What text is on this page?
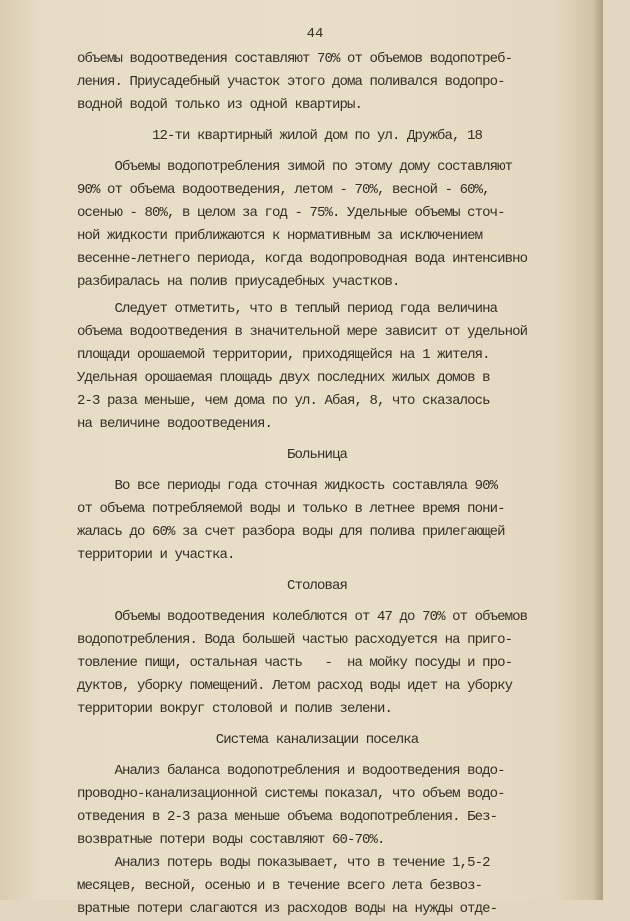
44
объемы водоотведения составляют 70% от объемов водопотреб-
ления. Приусадебный участок этого дома поливался водопро-
водной водой только из одной квартиры.
12-ти квартирный жилой дом по ул. Дружба, 18
Объемы водопотребления зимой по этому дому составляют
90% от объема водоотведения, летом - 70%, весной - 60%,
осенью - 80%, в целом за год - 75%. Удельные объемы сточ-
ной жидкости приближаются к нормативным за исключением
весенне-летнего периода, когда водопроводная вода интенсивно
разбиралась на полив приусадебных участков.
Следует отметить, что в теплый период года величина
объема водоотведения в значительной мере зависит от удельной
площади орошаемой территории, приходящейся на 1 жителя.
Удельная орошаемая площадь двух последних жилых домов в
2-3 раза меньше, чем дома по ул. Абая, 8, что сказалось
на величине водоотведения.
Больница
Во все периоды года сточная жидкость составляла 90%
от объема потребляемой воды и только в летнее время пони-
жалась до 60% за счет разбора воды для полива прилегающей
территории и участка.
Столовая
Объемы водоотведения колеблются от 47 до 70% от объемов
водопотребления. Вода большей частью расходуется на приго-
товление пищи, остальная часть   -  на мойку посуды и про-
дуктов, уборку помещений. Летом расход воды идет на уборку
территории вокруг столовой и полив зелени.
Система канализации поселка
Анализ баланса водопотребления и водоотведения водо-
проводно-канализационной системы показал, что объем водо-
отведения в 2-3 раза меньше объема водопотребления. Без-
возвратные потери воды составляют 60-70%.
Анализ потерь воды показывает, что в течение 1,5-2
месяцев, весной, осенью и в течение всего лета безвоз-
вратные потери слагаются из расходов воды на нужды отде-
